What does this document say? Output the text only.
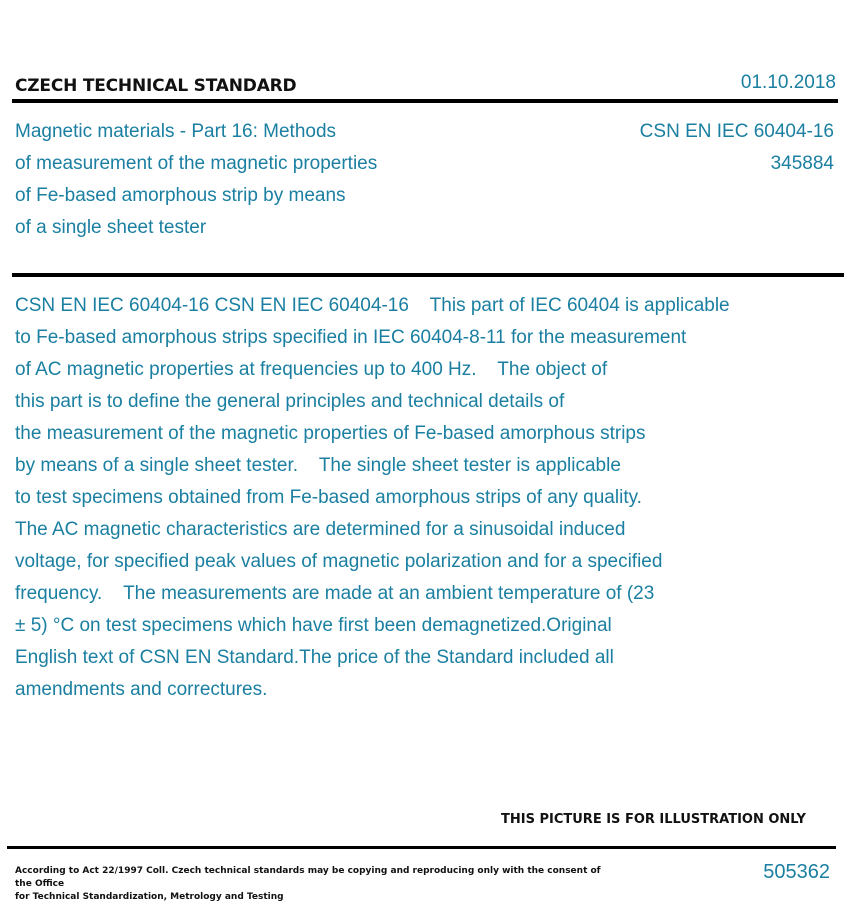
CZECH TECHNICAL STANDARD	01.10.2018
Magnetic materials - Part 16: Methods
of measurement of the magnetic properties
of Fe-based amorphous strip by means
of a single sheet tester
CSN EN IEC 60404-16
345884
CSN EN IEC 60404-16 CSN EN IEC 60404-16    This part of IEC 60404 is applicable
to Fe-based amorphous strips specified in IEC 60404-8-11 for the measurement
of AC magnetic properties at frequencies up to 400 Hz.    The object of
this part is to define the general principles and technical details of
the measurement of the magnetic properties of Fe-based amorphous strips
by means of a single sheet tester.    The single sheet tester is applicable
to test specimens obtained from Fe-based amorphous strips of any quality.
The AC magnetic characteristics are determined for a sinusoidal induced
voltage, for specified peak values of magnetic polarization and for a specified
frequency.    The measurements are made at an ambient temperature of (23
± 5) °C on test specimens which have first been demagnetized.Original
English text of CSN EN Standard.The price of the Standard included all
amendments and correctures.
THIS PICTURE IS FOR ILLUSTRATION ONLY
According to Act 22/1997 Coll. Czech technical standards may be copying and reproducing only with the consent of the Office
for Technical Standardization, Metrology and Testing
505362
